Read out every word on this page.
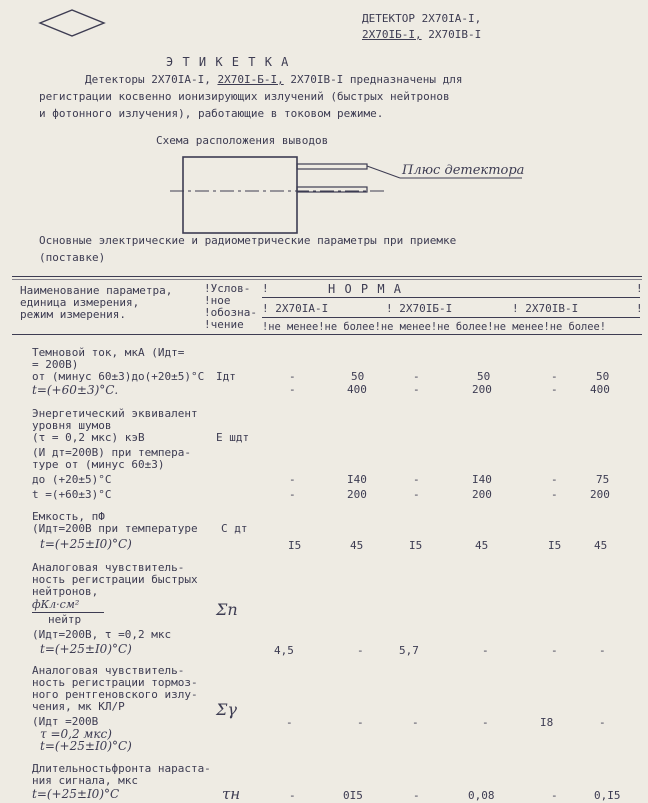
ДЕТЕКТОР 2Х70IА-I,
2Х70IБ-I, 2Х70IВ-I
Э Т И К Е Т К А
Детекторы 2Х70IА-I, 2Х70I-Б-I, 2Х70IВ-I предназначены для
регистрации косвенно ионизирующих излучений (быстрых нейтронов
и фотонного излучения), работающие в токовом режиме.
Схема расположения выводов
Плюс детектора
Основные электрические и радиометрические параметры при приемке
(поставке)
Наименование параметра,
единица измерения,
режим измерения.
!Услов-
!ное
!обозна-
!чение
!	Н О Р М А	!
! 2Х70IА-I	! 2Х70IБ-I	! 2Х70IВ-I	!
!не менее!не более!не менее!не более!не менее!не более!
Темновой ток, мкА (Идт=
= 200В)
от (минус 60±3)до(+20±5)°С Iдт
t=(+60±3)°С.
-	50	-	50	-	50
-	400	-	200	-	400
Энергетический эквивалент
уровня шумов
(τ = 0,2 мкс) кэВ	Е шдт
(И дт=200В) при темпера-
туре от (минус 60±3)
до (+20±5)°С
t =(+60±3)°С
-	I40	-	I40	-	75
-	200	-	200	-	200
Емкость, пФ
(Идт=200В при температуре С дт
t=(+25±I0)°С)	I5	45	I5	45	I5	45
Аналоговая чувствитель-
ность регистрации быстрых
нейтронов,
фКл·см²
нейтр
Σп
(Идт=200В, τ =0,2 мкс
t=(+25±I0)°С)	4,5	-	5,7	-	-	-
Аналоговая чувствитель-
ность регистрации тормоз-
ного рентгеновского излу-
чения, мк КЛ/Р	Σγ
(Идт =200В
τ =0,2 мкс)
t=(+25±I0)°С)
-	-	-	-	I8	-
Длительностьфронта нараста-
ния сигнала, мкс
t=(+25±I0)°С	τн	-	0I5	-	0,08	-	0,I5
